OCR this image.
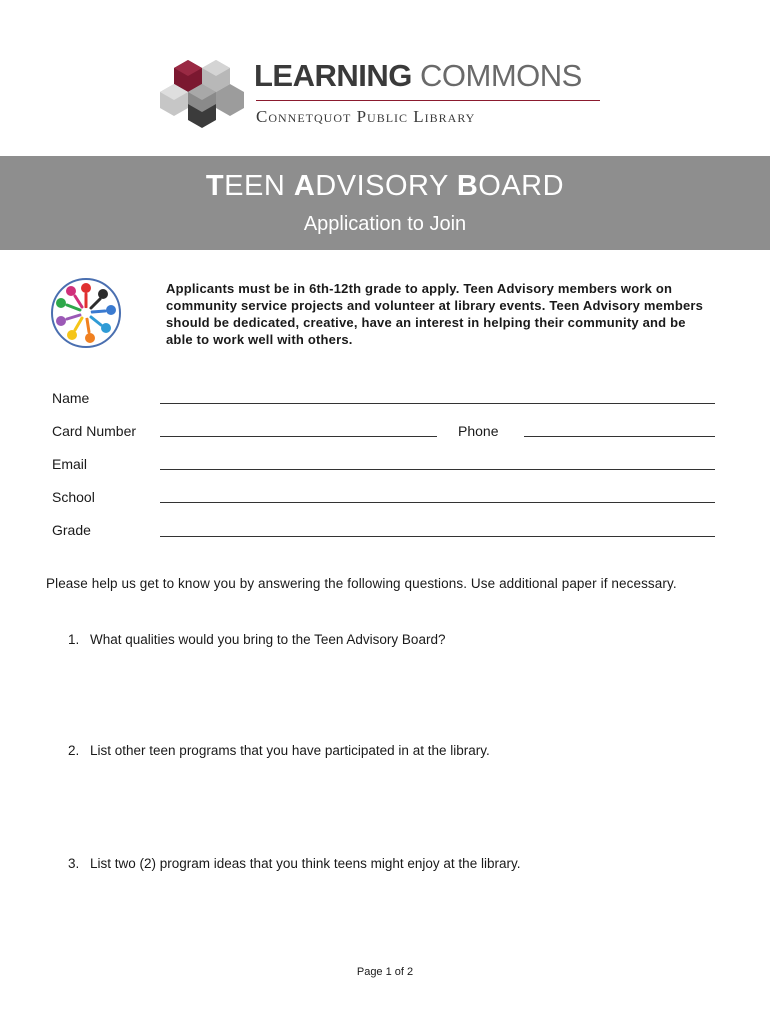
LEARNING COMMONS
Connetquot Public Library
TEEN ADVISORY BOARD
Application to Join
Applicants must be in 6th-12th grade to apply. Teen Advisory members work on community service projects and volunteer at library events. Teen Advisory members should be dedicated, creative, have an interest in helping their community and be able to work well with others.
Name
Card Number	Phone
Email
School
Grade
Please help us get to know you by answering the following questions. Use additional paper if necessary.
1. What qualities would you bring to the Teen Advisory Board?
2. List other teen programs that you have participated in at the library.
3. List two (2) program ideas that you think teens might enjoy at the library.
Page 1 of 2
